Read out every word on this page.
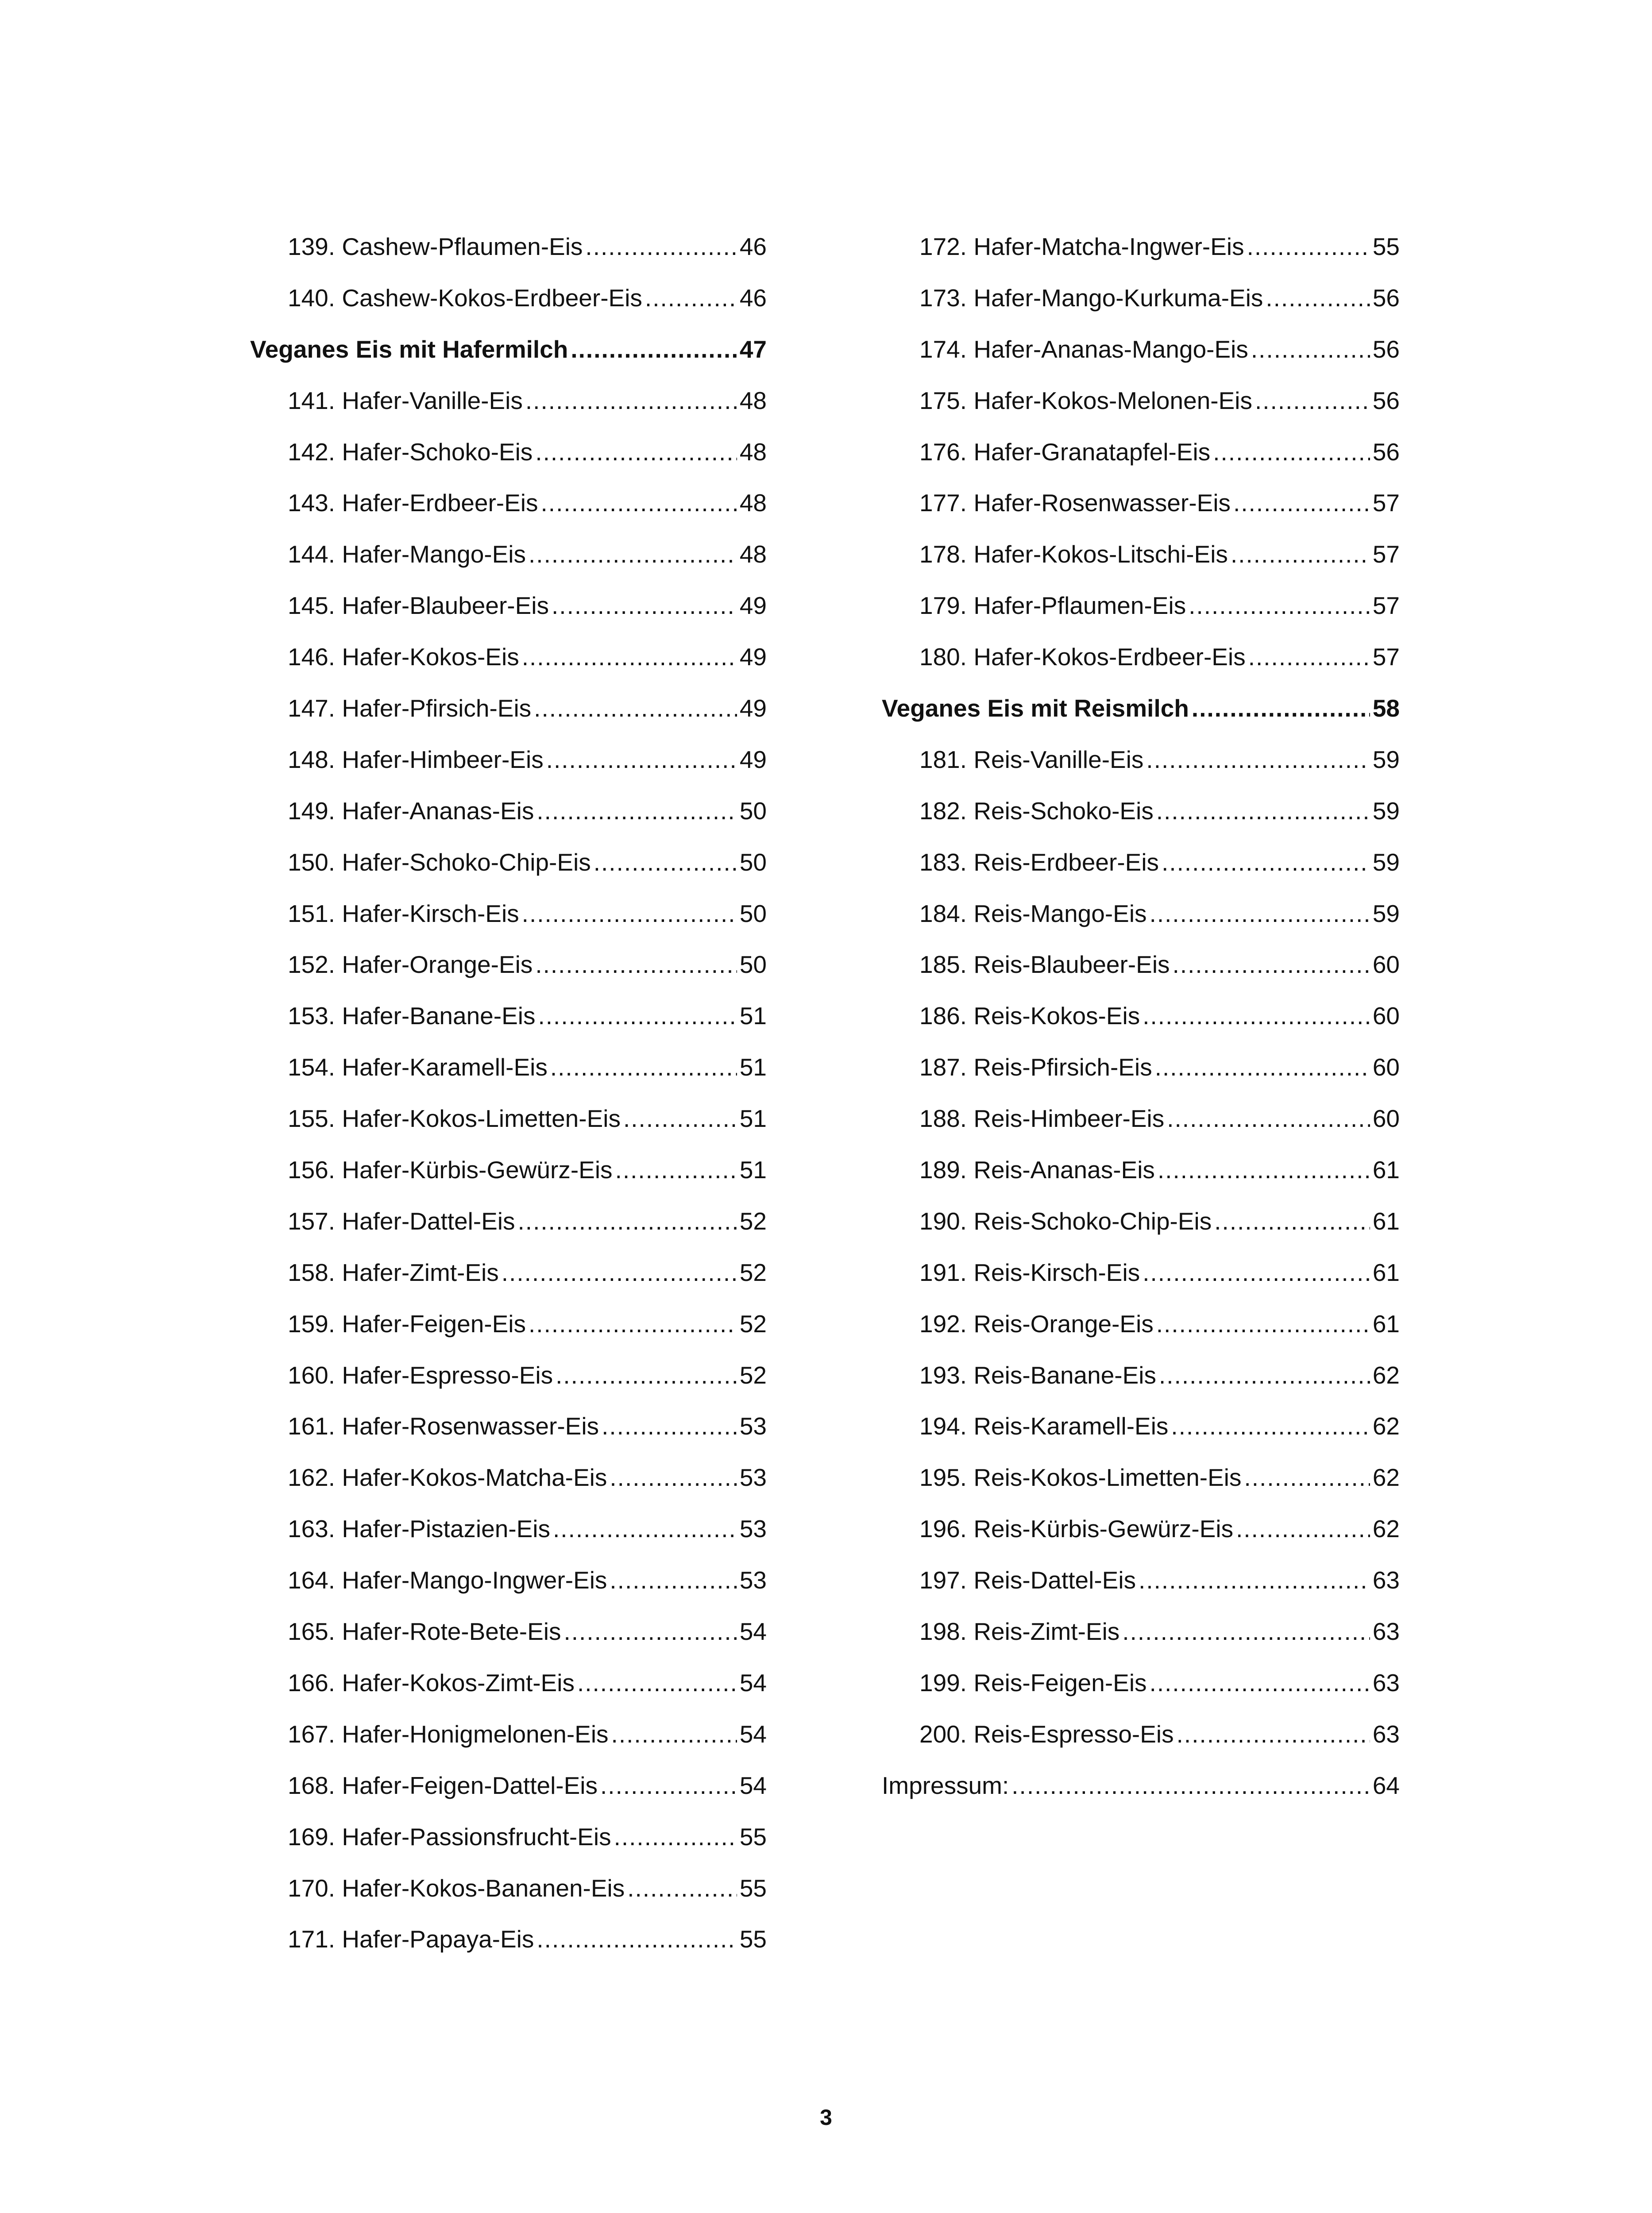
139. Cashew-Pflaumen-Eis .....	46
140. Cashew-Kokos-Erdbeer-Eis .....	46
Veganes Eis mit Hafermilch .....	47
141. Hafer-Vanille-Eis .....	48
142. Hafer-Schoko-Eis .....	48
143. Hafer-Erdbeer-Eis .....	48
144. Hafer-Mango-Eis .....	48
145. Hafer-Blaubeer-Eis .....	49
146. Hafer-Kokos-Eis .....	49
147. Hafer-Pfirsich-Eis .....	49
148. Hafer-Himbeer-Eis .....	49
149. Hafer-Ananas-Eis .....	50
150. Hafer-Schoko-Chip-Eis .....	50
151. Hafer-Kirsch-Eis .....	50
152. Hafer-Orange-Eis .....	50
153. Hafer-Banane-Eis .....	51
154. Hafer-Karamell-Eis .....	51
155. Hafer-Kokos-Limetten-Eis .....	51
156. Hafer-Kürbis-Gewürz-Eis .....	51
157. Hafer-Dattel-Eis .....	52
158. Hafer-Zimt-Eis .....	52
159. Hafer-Feigen-Eis .....	52
160. Hafer-Espresso-Eis .....	52
161. Hafer-Rosenwasser-Eis .....	53
162. Hafer-Kokos-Matcha-Eis .....	53
163. Hafer-Pistazien-Eis .....	53
164. Hafer-Mango-Ingwer-Eis .....	53
165. Hafer-Rote-Bete-Eis .....	54
166. Hafer-Kokos-Zimt-Eis .....	54
167. Hafer-Honigmelonen-Eis .....	54
168. Hafer-Feigen-Dattel-Eis .....	54
169. Hafer-Passionsfrucht-Eis .....	55
170. Hafer-Kokos-Bananen-Eis .....	55
171. Hafer-Papaya-Eis .....	55
172. Hafer-Matcha-Ingwer-Eis .....	55
173. Hafer-Mango-Kurkuma-Eis .....	56
174. Hafer-Ananas-Mango-Eis .....	56
175. Hafer-Kokos-Melonen-Eis .....	56
176. Hafer-Granatapfel-Eis .....	56
177. Hafer-Rosenwasser-Eis .....	57
178. Hafer-Kokos-Litschi-Eis .....	57
179. Hafer-Pflaumen-Eis .....	57
180. Hafer-Kokos-Erdbeer-Eis .....	57
Veganes Eis mit Reismilch .....	58
181. Reis-Vanille-Eis .....	59
182. Reis-Schoko-Eis .....	59
183. Reis-Erdbeer-Eis .....	59
184. Reis-Mango-Eis .....	59
185. Reis-Blaubeer-Eis .....	60
186. Reis-Kokos-Eis .....	60
187. Reis-Pfirsich-Eis .....	60
188. Reis-Himbeer-Eis .....	60
189. Reis-Ananas-Eis .....	61
190. Reis-Schoko-Chip-Eis .....	61
191. Reis-Kirsch-Eis .....	61
192. Reis-Orange-Eis .....	61
193. Reis-Banane-Eis .....	62
194. Reis-Karamell-Eis .....	62
195. Reis-Kokos-Limetten-Eis .....	62
196. Reis-Kürbis-Gewürz-Eis .....	62
197. Reis-Dattel-Eis .....	63
198. Reis-Zimt-Eis .....	63
199. Reis-Feigen-Eis .....	63
200. Reis-Espresso-Eis .....	63
Impressum: .....	64
3
